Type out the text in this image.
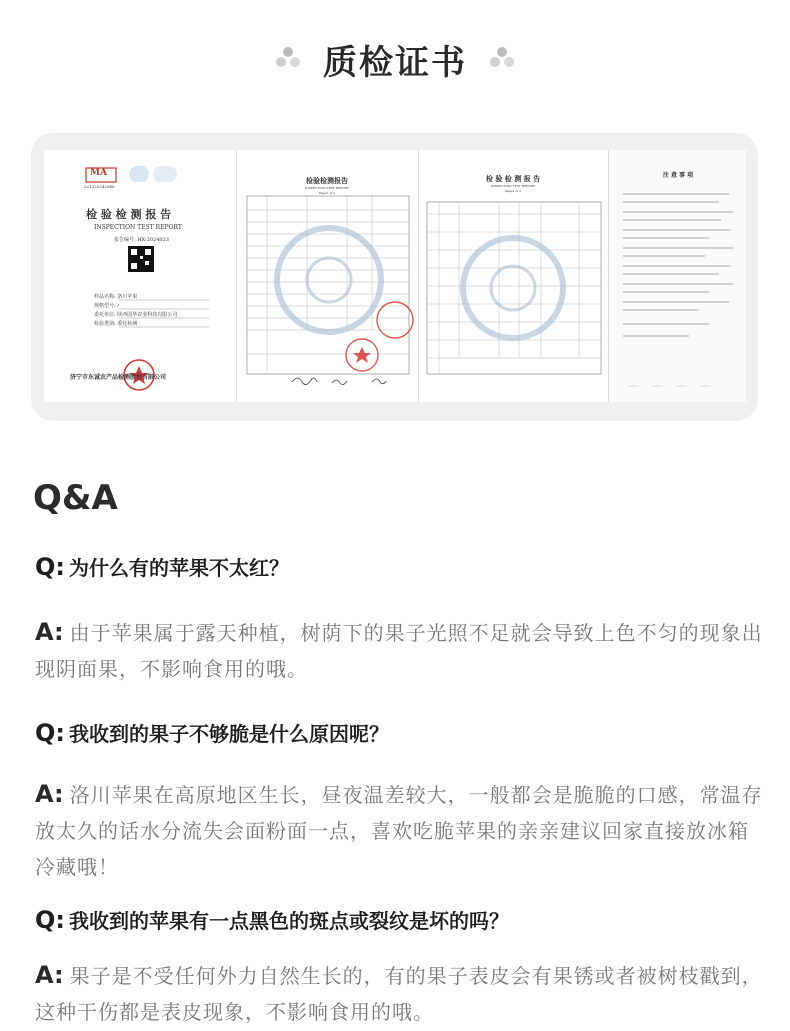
质检证书
MA
221320342966
检 验 检 测 报 告
INSPECTION TEST REPORT
报告编号: HX-2024023
样品名称: 洛川苹果
规格型号: /
委托单位: 陕西国华农业科技有限公司
检验类别: 委托检测
济宁市东诚农产品检测股份有限公司
检验检测报告
INSPECTION TEST REPORT
Page1 of 2
检 验 检 测 报 告
INSPECTION TEST REPORT
Page2 of 2
注 意 事 项
Q&A
Q: 为什么有的苹果不太红？
A: 由于苹果属于露天种植，树荫下的果子光照不足就会导致上色不匀的现象出现阴面果，不影响食用的哦。
Q: 我收到的果子不够脆是什么原因呢？
A: 洛川苹果在高原地区生长，昼夜温差较大，一般都会是脆脆的口感，常温存放太久的话水分流失会面粉面一点，喜欢吃脆苹果的亲亲建议回家直接放冰箱冷藏哦！
Q: 我收到的苹果有一点黑色的斑点或裂纹是坏的吗？
A: 果子是不受任何外力自然生长的，有的果子表皮会有果锈或者被树枝戳到，这种干伤都是表皮现象，不影响食用的哦。
